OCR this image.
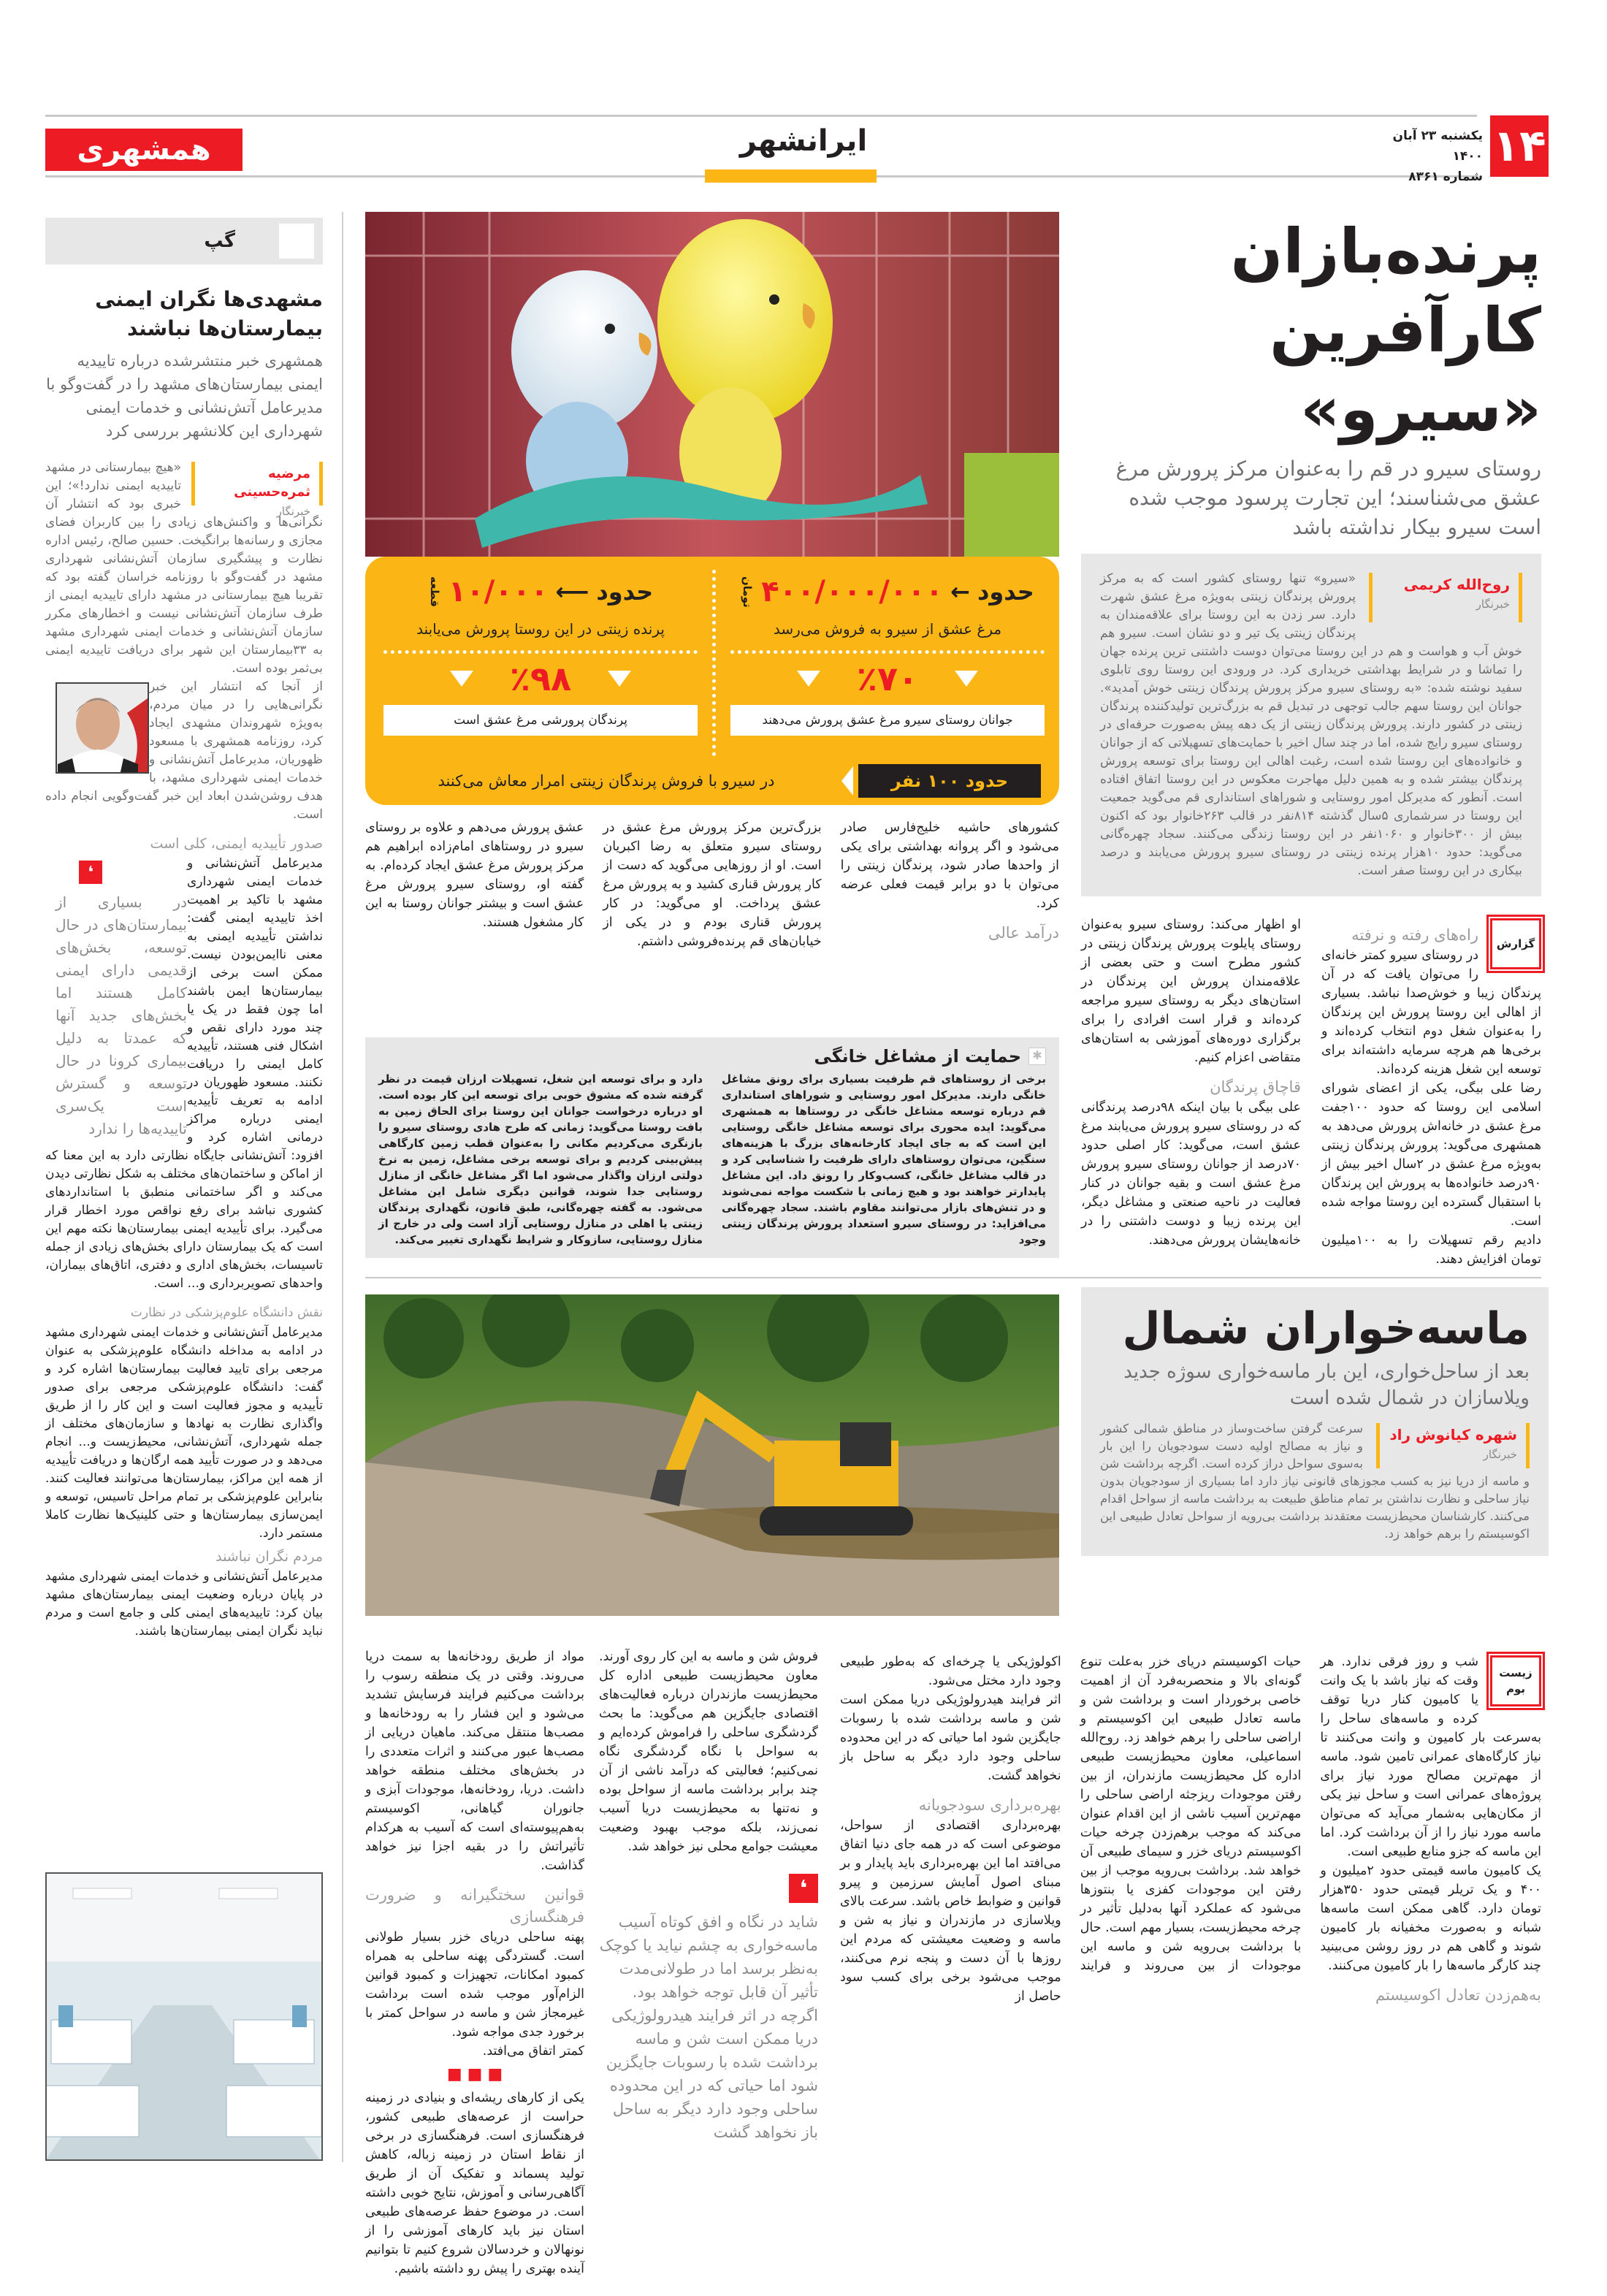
۱۴
یکشنبه ۲۳ آبان ۱۴۰۰
شماره ۸۳۶۱
ایرانشهر
همشهری
حدود
←
۴۰۰/۰۰۰/۰۰۰
تومان
مرغ عشق از سیرو به فروش می‌رسد
٪۷۰
جوانان روستای سیرو مرغ عشق پرورش می‌دهند
حدود
⟵
۱۰/۰۰۰
قطعه
پرنده زینتی در این روستا پرورش می‌یابند
٪۹۸
پرندگان پرورشی مرغ عشق است
حدود ۱۰۰ نفر
در سیرو با فروش پرندگان زینتی امرار معاش می‌کنند
پرنده‌بازان
کارآفرین «سیرو»
روستای سیرو در قم را به‌عنوان مرکز پرورش مرغ عشق می‌شناسند؛ این تجارت پرسود موجب شده است سیرو بیکار نداشته باشد
روح‌الله کریمی
خبرنگار
«سیرو» تنها روستای کشور است که به مرکز پرورش پرندگان زینتی به‌ویژه مرغ عشق شهرت دارد. سر زدن به این روستا برای علاقه‌مندان به پرندگان زینتی یک تیر و دو نشان است. سیرو هم خوش آب و هواست و هم در این روستا می‌توان دوست داشتنی ترین پرنده جهان را تماشا و در شرایط بهداشتی خریداری کرد. در ورودی این روستا روی تابلوی سفید نوشته شده: «به روستای سیرو مرکز پرورش پرندگان زینتی خوش آمدید». جوانان این روستا سهم جالب توجهی در تبدیل قم به بزرگ‌ترین تولیدکننده پرندگان زینتی در کشور دارند. پرورش پرندگان زینتی از یک دهه پیش به‌صورت حرفه‌ای در روستای سیرو رایج شده، اما در چند سال اخیر با حمایت‌های تسهیلاتی که از جوانان و خانواده‌های این روستا شده است، رغبت اهالی این روستا برای توسعه پرورش پرندگان بیشتر شده و به همین دلیل مهاجرت معکوس در این روستا اتفاق افتاده است. آنطور که مدیرکل امور روستایی و شوراهای استانداری قم می‌گوید جمعیت این روستا در سرشماری ۵سال گذشته ۸۱۴نفر در قالب ۲۶۳خانوار بود که اکنون بیش از ۳۰۰خانوار و ۱۰۶۰نفر در این روستا زندگی می‌کنند. سجاد چهره‌گانی می‌گوید: حدود ۱۰هزار پرنده زینتی در روستای سیرو پرورش می‌یابند و درصد بیکاری در این روستا صفر است.
گزارش
راه‌های رفته و نرفته

در روستای سیرو کمتر خانه‌ای را می‌توان یافت که در آن پرندگان زیبا و خوش‌صدا نباشد. بسیاری از اهالی این روستا پرورش این پرندگان را به‌عنوان شغل دوم انتخاب کرده‌اند و برخی‌ها هم هرچه سرمایه داشته‌اند برای توسعه این شغل هزینه کرده‌اند.

رضا علی بیگی، یکی از اعضای شورای اسلامی این روستا که حدود ۱۰۰جفت مرغ عشق در خانه‌اش پرورش می‌دهد به همشهری می‌گوید: پرورش پرندگان زینتی به‌ویژه مرغ عشق در ۲سال اخیر بیش از ۹۰درصد خانواده‌ها به پرورش این پرندگان با استقبال گسترده این روستا مواجه شده است.

دادیم رقم تسهیلات را به ۱۰۰میلیون تومان افزایش دهند.

او اظهار می‌کند: روستای سیرو به‌عنوان روستای پایلوت پرورش پرندگان زینتی در کشور مطرح است و حتی بعضی از علاقه‌مندان پرورش این پرندگان در استان‌های دیگر به روستای سیرو مراجعه کرده‌اند و قرار است افرادی را برای برگزاری دوره‌های آموزشی به استان‌های متقاضی اعزام کنیم.

قاچاق پرندگان

علی بیگی با بیان اینکه ۹۸درصد پرندگانی که در روستای سیرو پرورش می‌یابند مرغ عشق است، می‌گوید: کار اصلی حدود ۷۰درصد از جوانان روستای سیرو پرورش مرغ عشق است و بقیه جوانان در کنار فعالیت در ناحیه صنعتی و مشاغل دیگر، این پرنده زیبا و دوست داشتنی را در خانه‌هایشان پرورش می‌دهند.

کشورهای حاشیه خلیج‌فارس صادر می‌شود و اگر پروانه بهداشتی برای یکی از واحدها صادر شود، پرندگان زینتی را می‌توان با دو برابر قیمت فعلی عرضه کرد.

درآمد عالی

بزرگ‌ترین مرکز پرورش مرغ عشق در روستای سیرو متعلق به رضا اکبریان است. او از روزهایی می‌گوید که دست از کار پرورش قناری کشید و به پرورش مرغ عشق پرداخت. او می‌گوید: در کار پرورش قناری بودم و در یکی از خیابان‌های قم پرنده‌فروشی داشتم.

عشق پرورش می‌دهم و علاوه بر روستای سیرو در روستاهای امام‌زاده ابراهیم هم مرکز پرورش مرغ عشق ایجاد کرده‌ام. به گفته او، روستای سیرو پرورش مرغ عشق است و بیشتر جوانان روستا به این کار مشغول هستند.

✱
حمایت از مشاغل خانگی
برخی از روستاهای قم ظرفیت بسیاری برای رونق مشاغل خانگی دارند. مدیرکل امور روستایی و شوراهای استانداری قم درباره توسعه مشاغل خانگی در روستاها به همشهری می‌گوید: ایده محوری برای توسعه مشاغل خانگی روستایی این است که به جای ایجاد کارخانه‌های بزرگ با هزینه‌های سنگین، می‌توان روستاهای دارای ظرفیت را شناسایی کرد و در قالب مشاغل خانگی، کسب‌وکار را رونق داد. این مشاغل پایدارتر خواهند بود و هیچ زمانی با شکست مواجه نمی‌شوند و در تنش‌های بازار می‌توانند مقاوم باشند. سجاد چهره‌گانی می‌افزاید: در روستای سیرو استعداد پرورش پرندگان زینتی وجود
دارد و برای توسعه این شغل، تسهیلات ارزان قیمت در نظر گرفته شده که مشوق خوبی برای توسعه این کار بوده است. او درباره درخواست جوانان این روستا برای الحاق زمین به بافت روستا می‌گوید: زمانی که طرح هادی روستای سیرو را بازنگری می‌کردیم مکانی را به‌عنوان قطب زمین کارگاهی پیش‌بینی کردیم و برای توسعه برخی مشاغل، زمین به نرخ دولتی ارزان واگذار می‌شود اما اگر مشاغل خانگی از منازل روستایی جدا شوند، قوانین دیگری شامل این مشاغل می‌شود. به گفته چهره‌گانی، طبق قانون، نگهداری پرندگان زینتی یا اهلی در منازل روستایی آزاد است ولی در خارج از منازل روستایی، سازوکار و شرایط نگهداری تغییر می‌کند.
ماسه‌خواران شمال
بعد از ساحل‌خواری، این بار ماسه‌خواری سوژه جدید ویلاسازان در شمال شده است
شهره کیانوش راد
خبرنگار
سرعت گرفتن ساخت‌وساز در مناطق شمالی کشور و نیاز به مصالح اولیه دست سودجویان را این بار به‌سوی سواحل دراز کرده است. اگرچه برداشت شن و ماسه از دریا نیز به کسب مجوزهای قانونی نیاز دارد اما بسیاری از سودجویان بدون نیاز ساحلی و نظارت نداشتن بر تمام مناطق طبیعت به برداشت ماسه از سواحل اقدام می‌کنند. کارشناسان محیط‌زیست معتقدند برداشت بی‌رویه از سواحل تعادل طبیعی این اکوسیستم را برهم خواهد زد.
زیست بوم

شب و روز فرقی ندارد. هر وقت که نیاز باشد با یک وانت یا کامیون کنار دریا توقف کرده و ماسه‌های ساحل را به‌سرعت بار کامیون و وانت می‌کنند تا نیاز کارگاه‌های عمرانی تامین شود. ماسه از مهم‌ترین مصالح مورد نیاز برای پروژه‌های عمرانی است و ساحل نیز یکی از مکان‌هایی به‌شمار می‌آید که می‌توان ماسه مورد نیاز را از آن برداشت کرد. اما این ماسه که جزو منابع طبیعی است.

یک کامیون ماسه قیمتی حدود ۲میلیون و ۴۰۰ و یک تریلر قیمتی حدود ۳۵۰هزار تومان دارد. گاهی ممکن است ماسه‌ها شبانه و به‌صورت مخفیانه بار کامیون شوند و گاهی هم در روز روشن می‌بینید چند کارگر ماسه‌ها را بار کامیون می‌کنند.

به‌هم‌زدن تعادل اکوسیستم

حیات اکوسیستم دریای خزر به‌علت تنوع گونه‌ای بالا و منحصربه‌فرد آن از اهمیت خاصی برخوردار است و برداشت شن و ماسه تعادل طبیعی این اکوسیستم و اراضی ساحلی را برهم خواهد زد. روح‌الله اسماعیلی، معاون محیط‌زیست طبیعی اداره کل محیط‌زیست مازندران، از بین رفتن موجودات ریزجثه اراضی ساحلی را مهم‌ترین آسیب ناشی از این اقدام عنوان می‌کند که موجب برهم‌زدن چرخه حیات اکوسیستم دریای خزر و سیمای طبیعی آن خواهد شد. برداشت بی‌رویه موجب از بین رفتن این موجودات کفزی یا بنتوزها می‌شود که عملکرد آنها به‌دلیل تأثیر در چرخه محیط‌زیست، بسیار مهم است. حال با برداشت بی‌رویه شن و ماسه این موجودات از بین می‌روند و فرایند اکولوژیکی یا چرخه‌ای که به‌طور طبیعی وجود دارد مختل می‌شود.

اثر فرایند هیدرولوژیکی دریا ممکن است شن و ماسه برداشت شده با رسوبات جایگزین شود اما حیاتی که در این محدوده ساحلی وجود دارد دیگر به ساحل باز نخواهد گشت.

بهره‌برداری سودجویانه

بهره‌برداری اقتصادی از سواحل، موضوعی است که در همه جای دنیا اتفاق می‌افتد اما این بهره‌برداری باید پایدار و بر مبنای اصول آمایش سرزمین و پیرو قوانین و ضوابط خاص باشد. سرعت بالای ویلاسازی در مازندران و نیاز به شن و ماسه و وضعیت معیشتی که مردم این روزها با آن دست و پنجه نرم می‌کنند، موجب می‌شود برخی برای کسب سود حاصل از

فروش شن و ماسه به این کار روی آورند. معاون محیط‌زیست طبیعی اداره کل محیط‌زیست مازندران درباره فعالیت‌های اقتصادی جایگزین هم می‌گوید: ما بحث گردشگری ساحلی را فراموش کرده‌ایم و به سواحل با نگاه گردشگری نگاه نمی‌کنیم؛ فعالیتی که درآمد ناشی از آن چند برابر برداشت ماسه از سواحل بوده و نه‌تنها به محیط‌زیست دریا آسیب نمی‌زند، بلکه موجب بهبود وضعیت معیشت جوامع محلی نیز خواهد شد.

❛
شاید در نگاه و افق کوتاه آسیب ماسه‌خواری به چشم نیاید یا کوچک به‌نظر برسد اما در طولانی‌مدت تأثیر آن قابل توجه خواهد بود. اگرچه در اثر فرایند هیدرولوژیکی دریا ممکن است شن و ماسه برداشت شده با رسوبات جایگزین شود اما حیاتی که در این محدوده ساحلی وجود دارد دیگر به ساحل باز نخواهد گشت

مواد از طریق رودخانه‌ها به سمت دریا می‌روند. وقتی در یک منطقه رسوب را برداشت می‌کنیم فرایند فرسایش تشدید می‌شود و این فشار را به رودخانه‌ها و مصب‌ها منتقل می‌کند. ماهیان دریایی از مصب‌ها عبور می‌کنند و اثرات متعددی را در بخش‌های مختلف منطقه خواهد داشت. دریا، رودخانه‌ها، موجودات آبزی و جانوران گیاهانی، اکوسیستم به‌هم‌پیوسته‌ای است که آسیب به هرکدام تأثیراتش را در بقیه اجزا نیز خواهد گذاشت.

قوانین سختگیرانه و ضرورت فرهنگسازی

پهنه ساحلی دریای خزر بسیار طولانی است. گستردگی پهنه ساحلی به همراه کمبود امکانات، تجهیزات و کمبود قوانین الزام‌آور موجب شده است برداشت غیرمجاز شن و ماسه در سواحل کمتر با برخورد جدی مواجه شود.

کمتر اتفاق می‌افتد.

■ ■ ■

یکی از کارهای ریشه‌ای و بنیادی در زمینه حراست از عرصه‌های طبیعی کشور، فرهنگسازی است. فرهنگسازی در برخی از نقاط استان در زمینه زباله، کاهش تولید پسماند و تفکیک آن از طریق آگاهی‌رسانی و آموزش، نتایج خوبی داشته است. در موضوع حفظ عرصه‌های طبیعی استان نیز باید کارهای آموزشی را از نونهالان و خردسالان شروع کنیم تا بتوانیم آینده بهتری را پیش رو داشته باشیم.

گپ
مشهدی‌ها نگران ایمنی بیمارستان‌ها نباشند
همشهری خبر منتشرشده درباره تاییدیه ایمنی بیمارستان‌های مشهد را در گفت‌وگو با مدیرعامل آتش‌نشانی و خدمات ایمنی شهرداری این کلانشهر بررسی کرد
مرضیه ثمره‌حسینی
خبرنگار

«هیچ بیمارستانی در مشهد تاییدیه ایمنی ندارد!»؛ این خبری بود که انتشار آن نگرانی‌ها و واکنش‌های زیادی را بین کاربران فضای مجازی و رسانه‌ها برانگیخت. حسین صالح، رئیس اداره نظارت و پیشگیری سازمان آتش‌نشانی شهرداری مشهد در گفت‌وگو با روزنامه خراسان گفته بود که تقریبا هیچ بیمارستانی در مشهد دارای تاییدیه ایمنی از طرف سازمان آتش‌نشانی نیست و اخطارهای مکرر سازمان آتش‌نشانی و خدمات ایمنی شهرداری مشهد به ۳۳بیمارستان این شهر برای دریافت تاییدیه ایمنی بی‌ثمر بوده است.

از آنجا که انتشار این خبر نگرانی‌هایی را در میان مردم، به‌ویژه شهروندان مشهدی ایجاد کرد، روزنامه همشهری با مسعود ظهوریان، مدیرعامل آتش‌نشانی و خدمات ایمنی شهرداری مشهد، با هدف روشن‌شدن ابعاد این خبر گفت‌وگویی انجام داده است.

صدور تأییدیه ایمنی، کلی است
❛
در بسیاری از بیمارستان‌های در حال توسعه، بخش‌های قدیمی دارای ایمنی کامل هستند اما بخش‌های جدید آنها که عمدتا به دلیل بیماری کرونا در حال توسعه و گسترش است یک‌سری تاییدیه‌ها را ندارد

مدیرعامل آتش‌نشانی و خدمات ایمنی شهرداری مشهد با تاکید بر اهمیت اخذ تاییدیه ایمنی گفت: نداشتن تأییدیه ایمنی به معنی ناایمن‌بودن نیست. ممکن است برخی از بیمارستان‌ها ایمن باشند اما چون فقط در یک یا چند مورد دارای نقص و اشکال فنی هستند، تأییدیه کامل ایمنی را دریافت نکنند. مسعود ظهوریان در ادامه به تعریف تأییدیه ایمنی درباره مراکز درمانی اشاره کرد و افزود: آتش‌نشانی جایگاه نظارتی دارد به این معنا که از اماکن و ساختمان‌های مختلف به شکل نظارتی دیدن می‌کند و اگر ساختمانی منطبق با استانداردهای کشوری نباشد برای رفع نواقص مورد اخطار قرار می‌گیرد. برای تأییدیه ایمنی بیمارستان‌ها نکته مهم این است که یک بیمارستان دارای بخش‌های زیادی از جمله تاسیسات، بخش‌های اداری و دفتری، اتاق‌های بیماران، واحدهای تصویربرداری و... است.

نقش دانشگاه علوم‌پزشکی در نظارت

مدیرعامل آتش‌نشانی و خدمات ایمنی شهرداری مشهد در ادامه به مداخله دانشگاه علوم‌پزشکی به عنوان مرجعی برای تایید فعالیت بیمارستان‌ها اشاره کرد و گفت: دانشگاه علوم‌پزشکی مرجعی برای صدور تأییدیه و مجوز فعالیت است و این کار را از طریق واگذاری نظارت به نهادها و سازمان‌های مختلف از جمله شهرداری، آتش‌نشانی، محیط‌زیست و... انجام می‌دهد و در صورت تأیید همه ارگان‌ها و دریافت تأییدیه از همه این مراکز، بیمارستان‌ها می‌توانند فعالیت کنند. بنابراین علوم‌پزشکی بر تمام مراحل تاسیس، توسعه و ایمن‌سازی بیمارستان‌ها و حتی کلینیک‌ها نظارت کاملا مستمر دارد.

مردم نگران نباشند

مدیرعامل آتش‌نشانی و خدمات ایمنی شهرداری مشهد در پایان درباره وضعیت ایمنی بیمارستان‌های مشهد بیان کرد: تاییدیه‌های ایمنی کلی و جامع است و مردم نباید نگران ایمنی بیمارستان‌ها باشند.
